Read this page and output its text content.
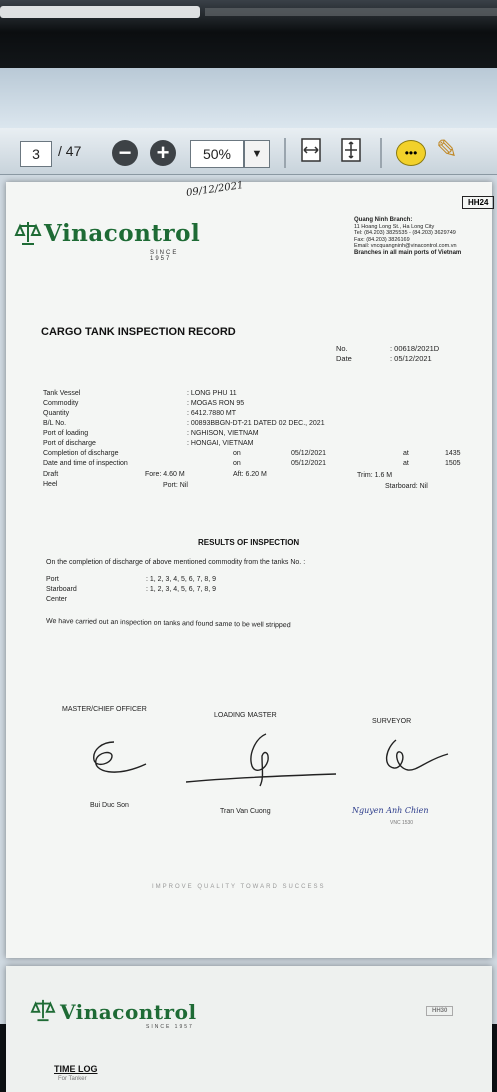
3	/ 47 − +	50%	▼	••• ✎
09/12/2021
HH24
Vinacontrol
SINCE 1957
Quang Ninh Branch:
11 Hoang Long St., Ha Long City
Tel: (84.203) 3825535 - (84.203) 3629749
Fax: (84.203) 3826169
Email: vncquangninh@vinacontrol.com.vn
Branches in all main ports of Vietnam
CARGO TANK INSPECTION RECORD
No.	: 00618/2021D
Date	: 05/12/2021
Tank Vessel	: LONG PHU 11
Commodity	: MOGAS RON 95
Quantity	: 6412.7880 MT
B/L No.	: 00893BBGN-DT-21 DATED 02 DEC., 2021
Port of loading	: NGHISON, VIETNAM
Port of discharge	: HONGAI, VIETNAM
Completion of discharge	on	05/12/2021	at	1435
Date and time of inspection	on	05/12/2021	at	1505
Draft	Fore: 4.60 M	Aft: 6.20 M	Trim: 1.6 M
Heel	Port: Nil	Starboard: Nil
RESULTS OF INSPECTION
On the completion of discharge of above mentioned commodity from the tanks No. :
Port	: 1, 2, 3, 4, 5, 6, 7, 8, 9
Starboard	: 1, 2, 3, 4, 5, 6, 7, 8, 9
Center
We have carried out an inspection on tanks and found same to be well stripped
MASTER/CHIEF OFFICER
LOADING MASTER
SURVEYOR
Bui Duc Son
Tran Van Cuong	Nguyen Anh Chien
VNC 1530
IMPROVE QUALITY TOWARD SUCCESS
Vinacontrol
SINCE 1957
HH30
TIME LOG
For Tanker
